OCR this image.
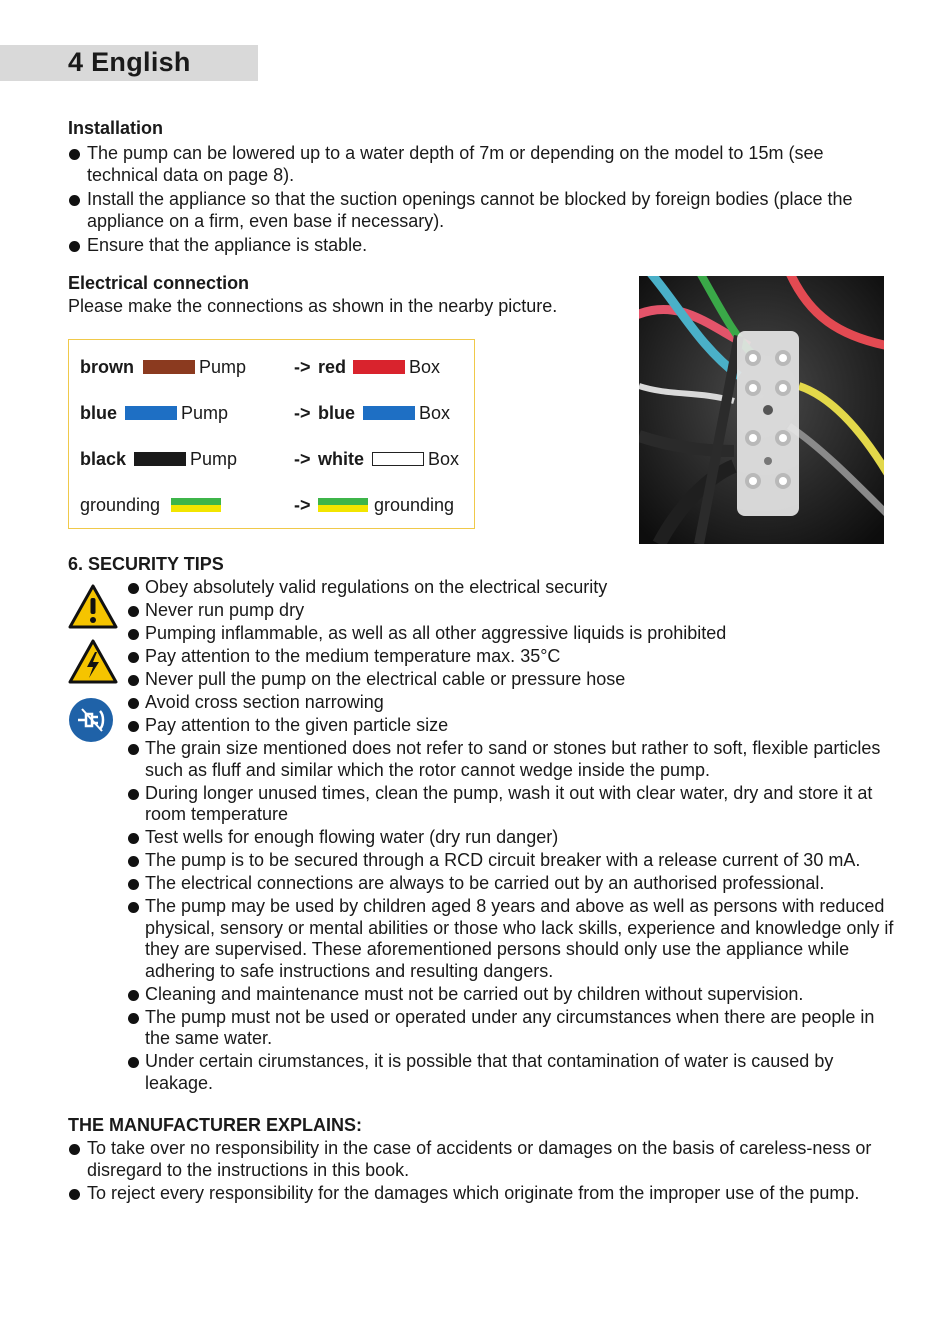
4 English
Installation
The pump can be lowered up to a water depth of 7m or depending on the model to 15m (see technical data on page 8).
Install the appliance so that the suction openings cannot be blocked by foreign bodies (place the appliance on a firm, even base if necessary).
Ensure that the appliance is stable.
Electrical connection
Please make the connections as shown in the nearby picture.
brown	Pump	-> red	Box
blue	Pump	-> blue	Box
black	Pump	-> white	Box
grounding	->	grounding
6. SECURITY TIPS
Obey absolutely valid regulations on the electrical security
Never run pump dry
Pumping inflammable, as well as all other aggressive liquids is prohibited
Pay attention to the medium temperature max. 35°C
Never pull the pump on the electrical cable or pressure hose
Avoid cross section narrowing
Pay attention to the given particle size
The grain size mentioned does not refer to sand or stones but rather to soft, flexible particles such as fluff and similar which the rotor cannot wedge inside the pump.
During longer unused times, clean the pump, wash it out with clear water, dry and store it at room temperature
Test wells for enough flowing water (dry run danger)
The pump is to be secured through a RCD circuit breaker with a release current of 30 mA.
The electrical connections are always to be carried out by an authorised professional.
The pump may be used by children aged 8 years and above as well as persons with reduced physical, sensory or mental abilities or those who lack skills, experience and knowledge only if they are supervised. These aforementioned persons should only use the appliance while adhering to safe instructions and resulting dangers.
Cleaning and maintenance must not be carried out by children without supervision.
The pump must not be used or operated under any circumstances when there are people in the same water.
Under certain cirumstances, it is possible that that contamination of water is caused by leakage.
THE MANUFACTURER EXPLAINS:
To take over no responsibility in the case of accidents or damages on the basis of careless-ness or disregard to the instructions in this book.
To reject every responsibility for the damages which originate from the improper use of the pump.
